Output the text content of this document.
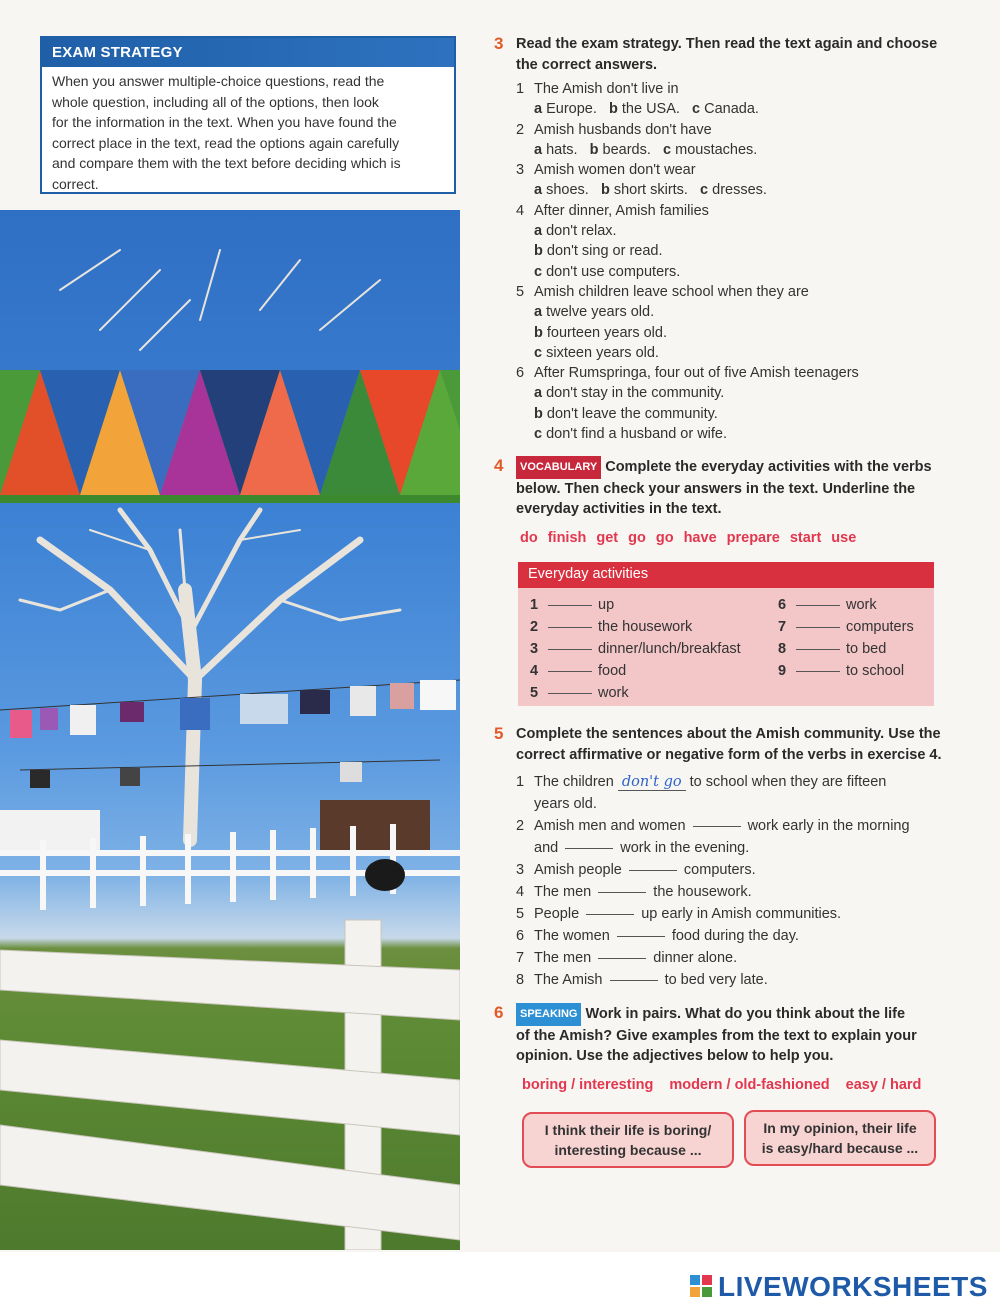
EXAM STRATEGY
When you answer multiple-choice questions, read the
whole question, including all of the options, then look
for the information in the text. When you have found the
correct place in the text, read the options again carefully
and compare them with the text before deciding which is
correct.
3 Read the exam strategy. Then read the text again and choose
the correct answers.
1 The Amish don't live in
a Europe. b the USA. c Canada.
2 Amish husbands don't have
a hats. b beards. c moustaches.
3 Amish women don't wear
a shoes. b short skirts. c dresses.
4 After dinner, Amish families
a don't relax.
b don't sing or read.
c don't use computers.
5 Amish children leave school when they are
a twelve years old.
b fourteen years old.
c sixteen years old.
6 After Rumspringa, four out of five Amish teenagers
a don't stay in the community.
b don't leave the community.
c don't find a husband or wife.
4	VOCABULARY Complete the everyday activities with the verbs
below. Then check your answers in the text. Underline the
everyday activities in the text.
do finish get go go have prepare start use
Everyday activities
1	up
2	the housework
3	dinner/lunch/breakfast
4	food
5	work
6	work
7	computers
8	to bed
9	to school
5 Complete the sentences about the Amish community. Use the
correct affirmative or negative form of the verbs in exercise 4.
1 The children don't go to school when they are fifteen
years old.
2 Amish men and women	work early in the morning
and	work in the evening.
3 Amish people	computers.
4 The men	the housework.
5 People	up early in Amish communities.
6 The women	food during the day.
7 The men	dinner alone.
8 The Amish	to bed very late.
6	SPEAKING Work in pairs. What do you think about the life
of the Amish? Give examples from the text to explain your
opinion. Use the adjectives below to help you.
boring / interesting modern / old-fashioned easy / hard
I think their life is boring/
interesting because ...
In my opinion, their life
is easy/hard because ...
LIVEWORKSHEETS
